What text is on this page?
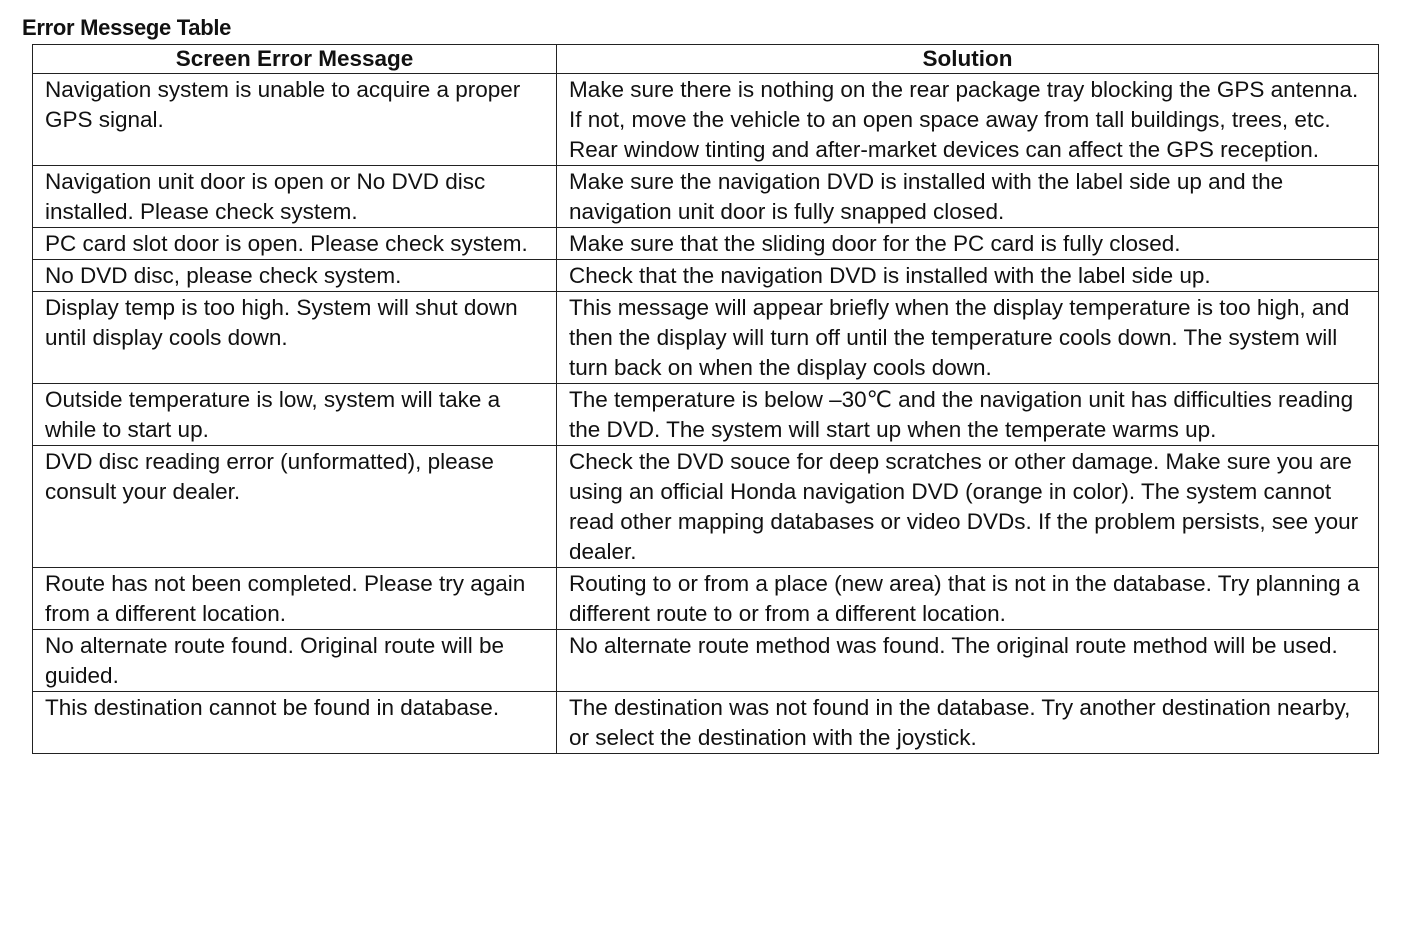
Error Messege Table
Screen Error Message	Solution
Navigation system is unable to acquire a proper GPS signal.	Make sure there is nothing on the rear package tray blocking the GPS antenna.
If not, move the vehicle to an open space away from tall buildings, trees, etc.
Rear window tinting and after-market devices can affect the GPS reception.

Navigation unit door is open or No DVD disc installed. Please check system.	Make sure the navigation DVD is installed with the label side up and the navigation unit door is fully snapped closed.

PC card slot door is open. Please check system.	Make sure that the sliding door for the PC card is fully closed.

No DVD disc, please check system.	Check that the navigation DVD is installed with the label side up.

Display temp is too high. System will shut down until display cools down.	This message will appear briefly when the display temperature is too high, and then the display will turn off until the temperature cools down. The system will turn back on when the display cools down.

Outside temperature is low, system will take a while to start up.	The temperature is below –30℃ and the navigation unit has difficulties reading the DVD. The system will start up when the temperate warms up.

DVD disc reading error (unformatted), please consult your dealer.	Check the DVD souce for deep scratches or other damage. Make sure you are using an official Honda navigation DVD (orange in color). The system cannot read other mapping databases or video DVDs. If the problem persists, see your dealer.

Route has not been completed. Please try again from a different location.	Routing to or from a place (new area) that is not in the database. Try planning a different route to or from a different location.

No alternate route found. Original route will be guided.	No alternate route method was found. The original route method will be used.

This destination cannot be found in database.	The destination was not found in the database. Try another destination nearby, or select the destination with the joystick.
